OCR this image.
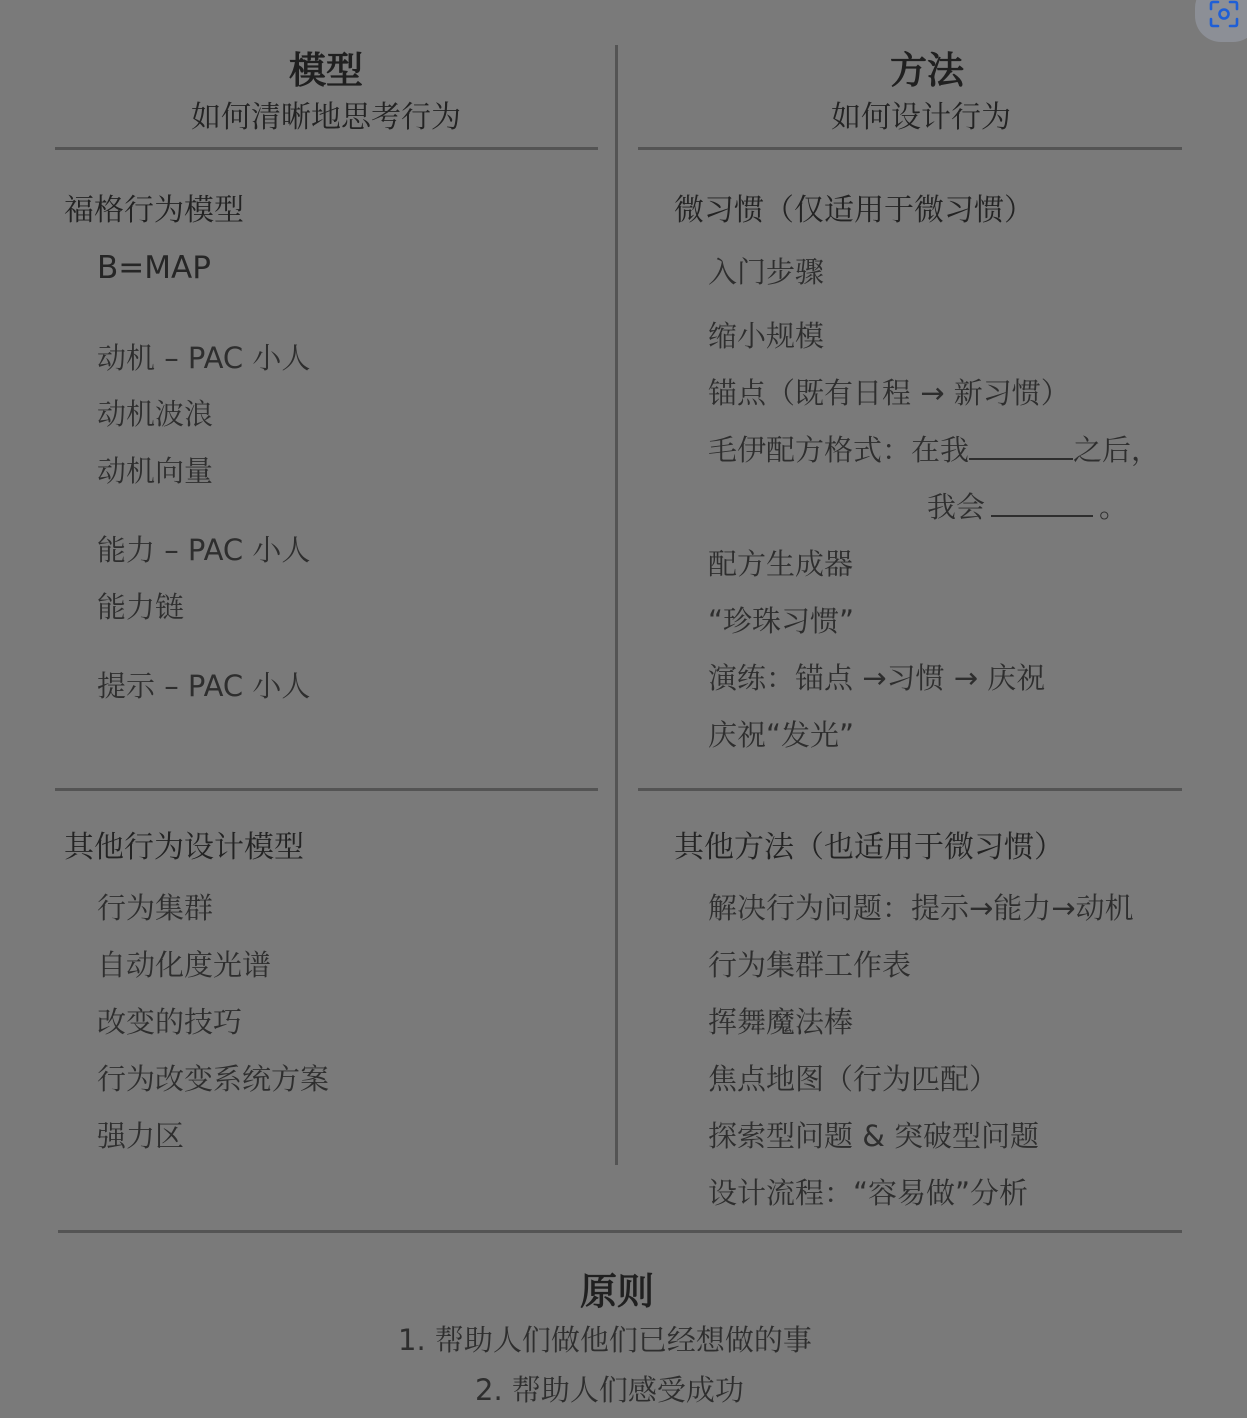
模型
如何清晰地思考行为
方法
如何设计行为
福格行为模型
B=MAP
动机 – PAC 小人
动机波浪
动机向量
能力 – PAC 小人
能力链
提示 – PAC 小人
微习惯（仅适用于微习惯）
入门步骤
缩小规模
锚点（既有日程 → 新习惯）
毛伊配方格式：在我	之后，
我会	。
配方生成器
“珍珠习惯”
演练：锚点 →习惯 → 庆祝
庆祝“发光”
其他行为设计模型
行为集群
自动化度光谱
改变的技巧
行为改变系统方案
强力区
其他方法（也适用于微习惯）
解决行为问题：提示→能力→动机
行为集群工作表
挥舞魔法棒
焦点地图（行为匹配）
探索型问题 & 突破型问题
设计流程：“容易做”分析
原则
1. 帮助人们做他们已经想做的事
2. 帮助人们感受成功
